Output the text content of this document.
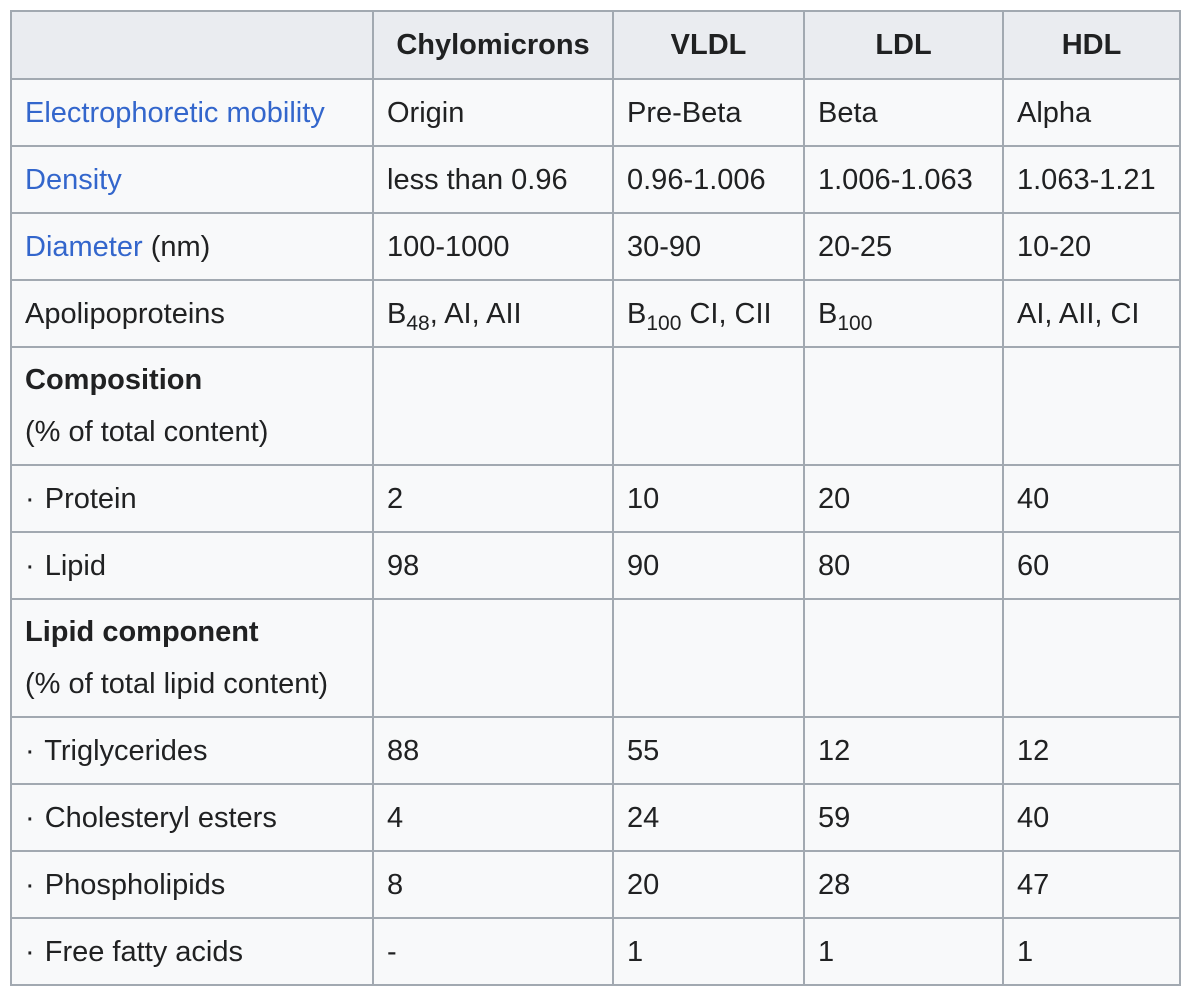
	Chylomicrons	VLDL	LDL	HDL
Electrophoretic mobility	Origin	Pre-Beta	Beta	Alpha
Density	less than 0.96	0.96-1.006	1.006-1.063	1.063-1.21
Diameter (nm)	100-1000	30-90	20-25	10-20
Apolipoproteins	$B_{48}$, AI, AII	$B_{100}$ CI, CII	$B_{100}$	AI, AII, CI
Composition
(% of total content)				
· Protein	2	10	20	40
· Lipid	98	90	80	60
Lipid component
(% of total lipid content)				
· Triglycerides	88	55	12	12
· Cholesteryl esters	4	24	59	40
· Phospholipids	8	20	28	47
· Free fatty acids	-	1	1	1
